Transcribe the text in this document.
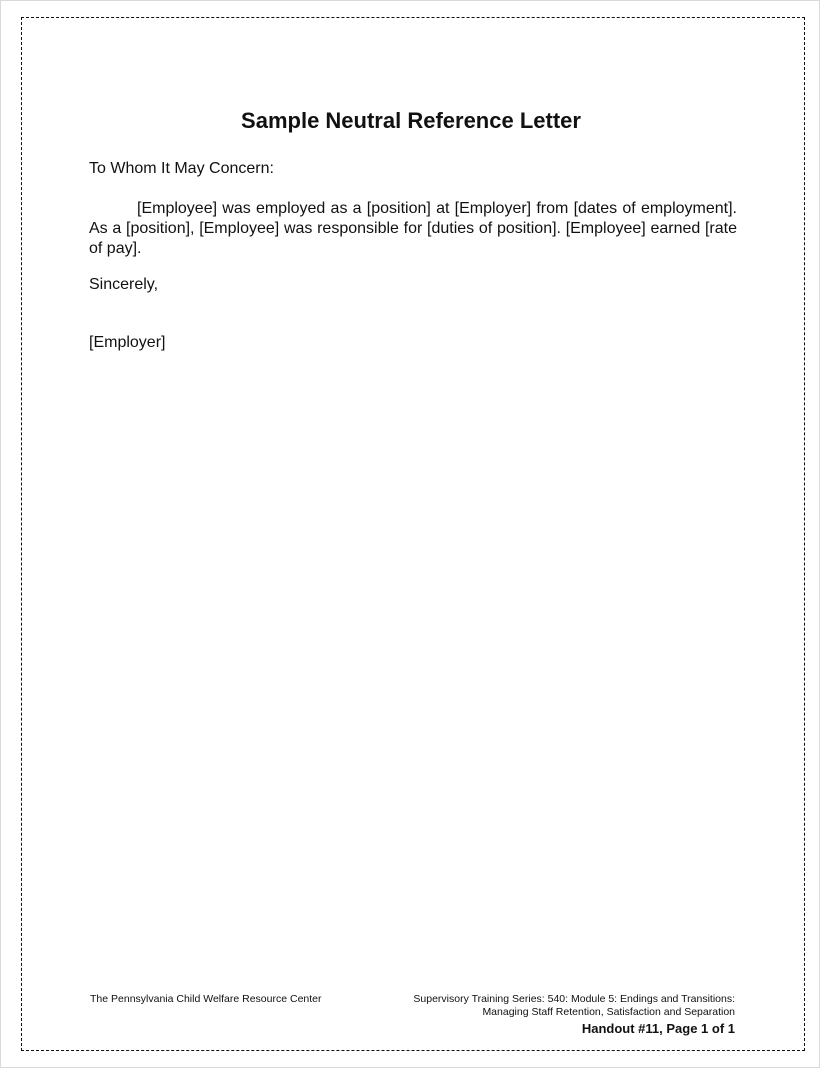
Sample Neutral Reference Letter
To Whom It May Concern:
[Employee] was employed as a [position] at [Employer] from [dates of employment]. As a [position], [Employee] was responsible for [duties of position]. [Employee] earned [rate of pay].
Sincerely,
[Employer]
The Pennsylvania Child Welfare Resource Center	Supervisory Training Series: 540: Module 5: Endings and Transitions:
Managing Staff Retention, Satisfaction and Separation
Handout #11, Page 1 of 1
